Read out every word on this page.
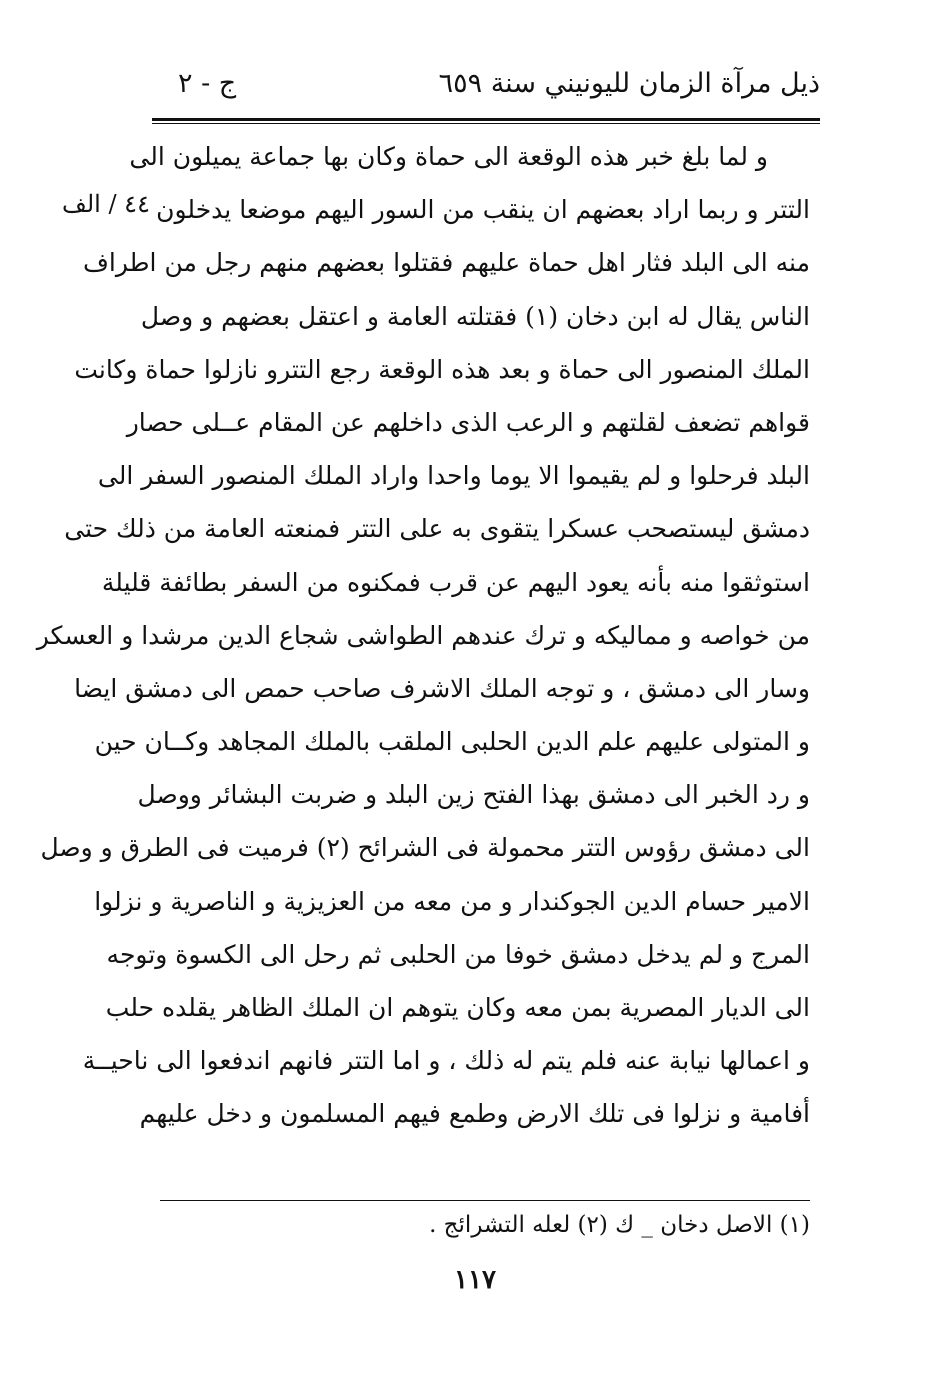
ذيل مرآة الزمان لليونيني سنة ٦٥٩
ج - ٢
٤٤ / الف
و لما بلغ خبر هذه الوقعة الى حماة وكان بها جماعة يميلون الى
التتر و ربما اراد بعضهم ان ينقب من السور اليهم موضعا يدخلون
منه الى البلد فثار اهل حماة عليهم فقتلوا بعضهم منهم رجل من اطراف
الناس يقال له ابن دخان (١) فقتلته العامة و اعتقل بعضهم و وصل
الملك المنصور الى حماة و بعد هذه الوقعة رجع التترو نازلوا حماة وكانت
قواهم تضعف لقلتهم و الرعب الذى داخلهم عن المقام عــلى حصار
البلد فرحلوا و لم يقيموا الا يوما واحدا واراد الملك المنصور السفر الى
دمشق ليستصحب عسكرا يتقوى به على التتر فمنعته العامة من ذلك حتى
استوثقوا منه بأنه يعود اليهم عن قرب فمكنوه من السفر بطائفة قليلة
من خواصه و مماليكه و ترك عندهم الطواشى شجاع الدين مرشدا و العسكر
وسار الى دمشق ، و توجه الملك الاشرف صاحب حمص الى دمشق ايضا
و المتولى عليهم علم الدين الحلبى الملقب بالملك المجاهد وكــان حين
و رد الخبر الى دمشق بهذا الفتح زين البلد و ضربت البشائر ووصل
الى دمشق رؤوس التتر محمولة فى الشرائح (٢) فرميت فى الطرق و وصل
الامير حسام الدين الجوكندار و من معه من العزيزية و الناصرية و نزلوا
المرج و لم يدخل دمشق خوفا من الحلبى ثم رحل الى الكسوة وتوجه
الى الديار المصرية بمن معه وكان يتوهم ان الملك الظاهر يقلده حلب
و اعمالها نيابة عنه فلم يتم له ذلك ، و اما التتر فانهم اندفعوا الى ناحيــة
أفامية و نزلوا فى تلك الارض وطمع فيهم المسلمون و دخل عليهم
(١) الاصل دخان _ ك (٢) لعله التشرائج .
١١٧
